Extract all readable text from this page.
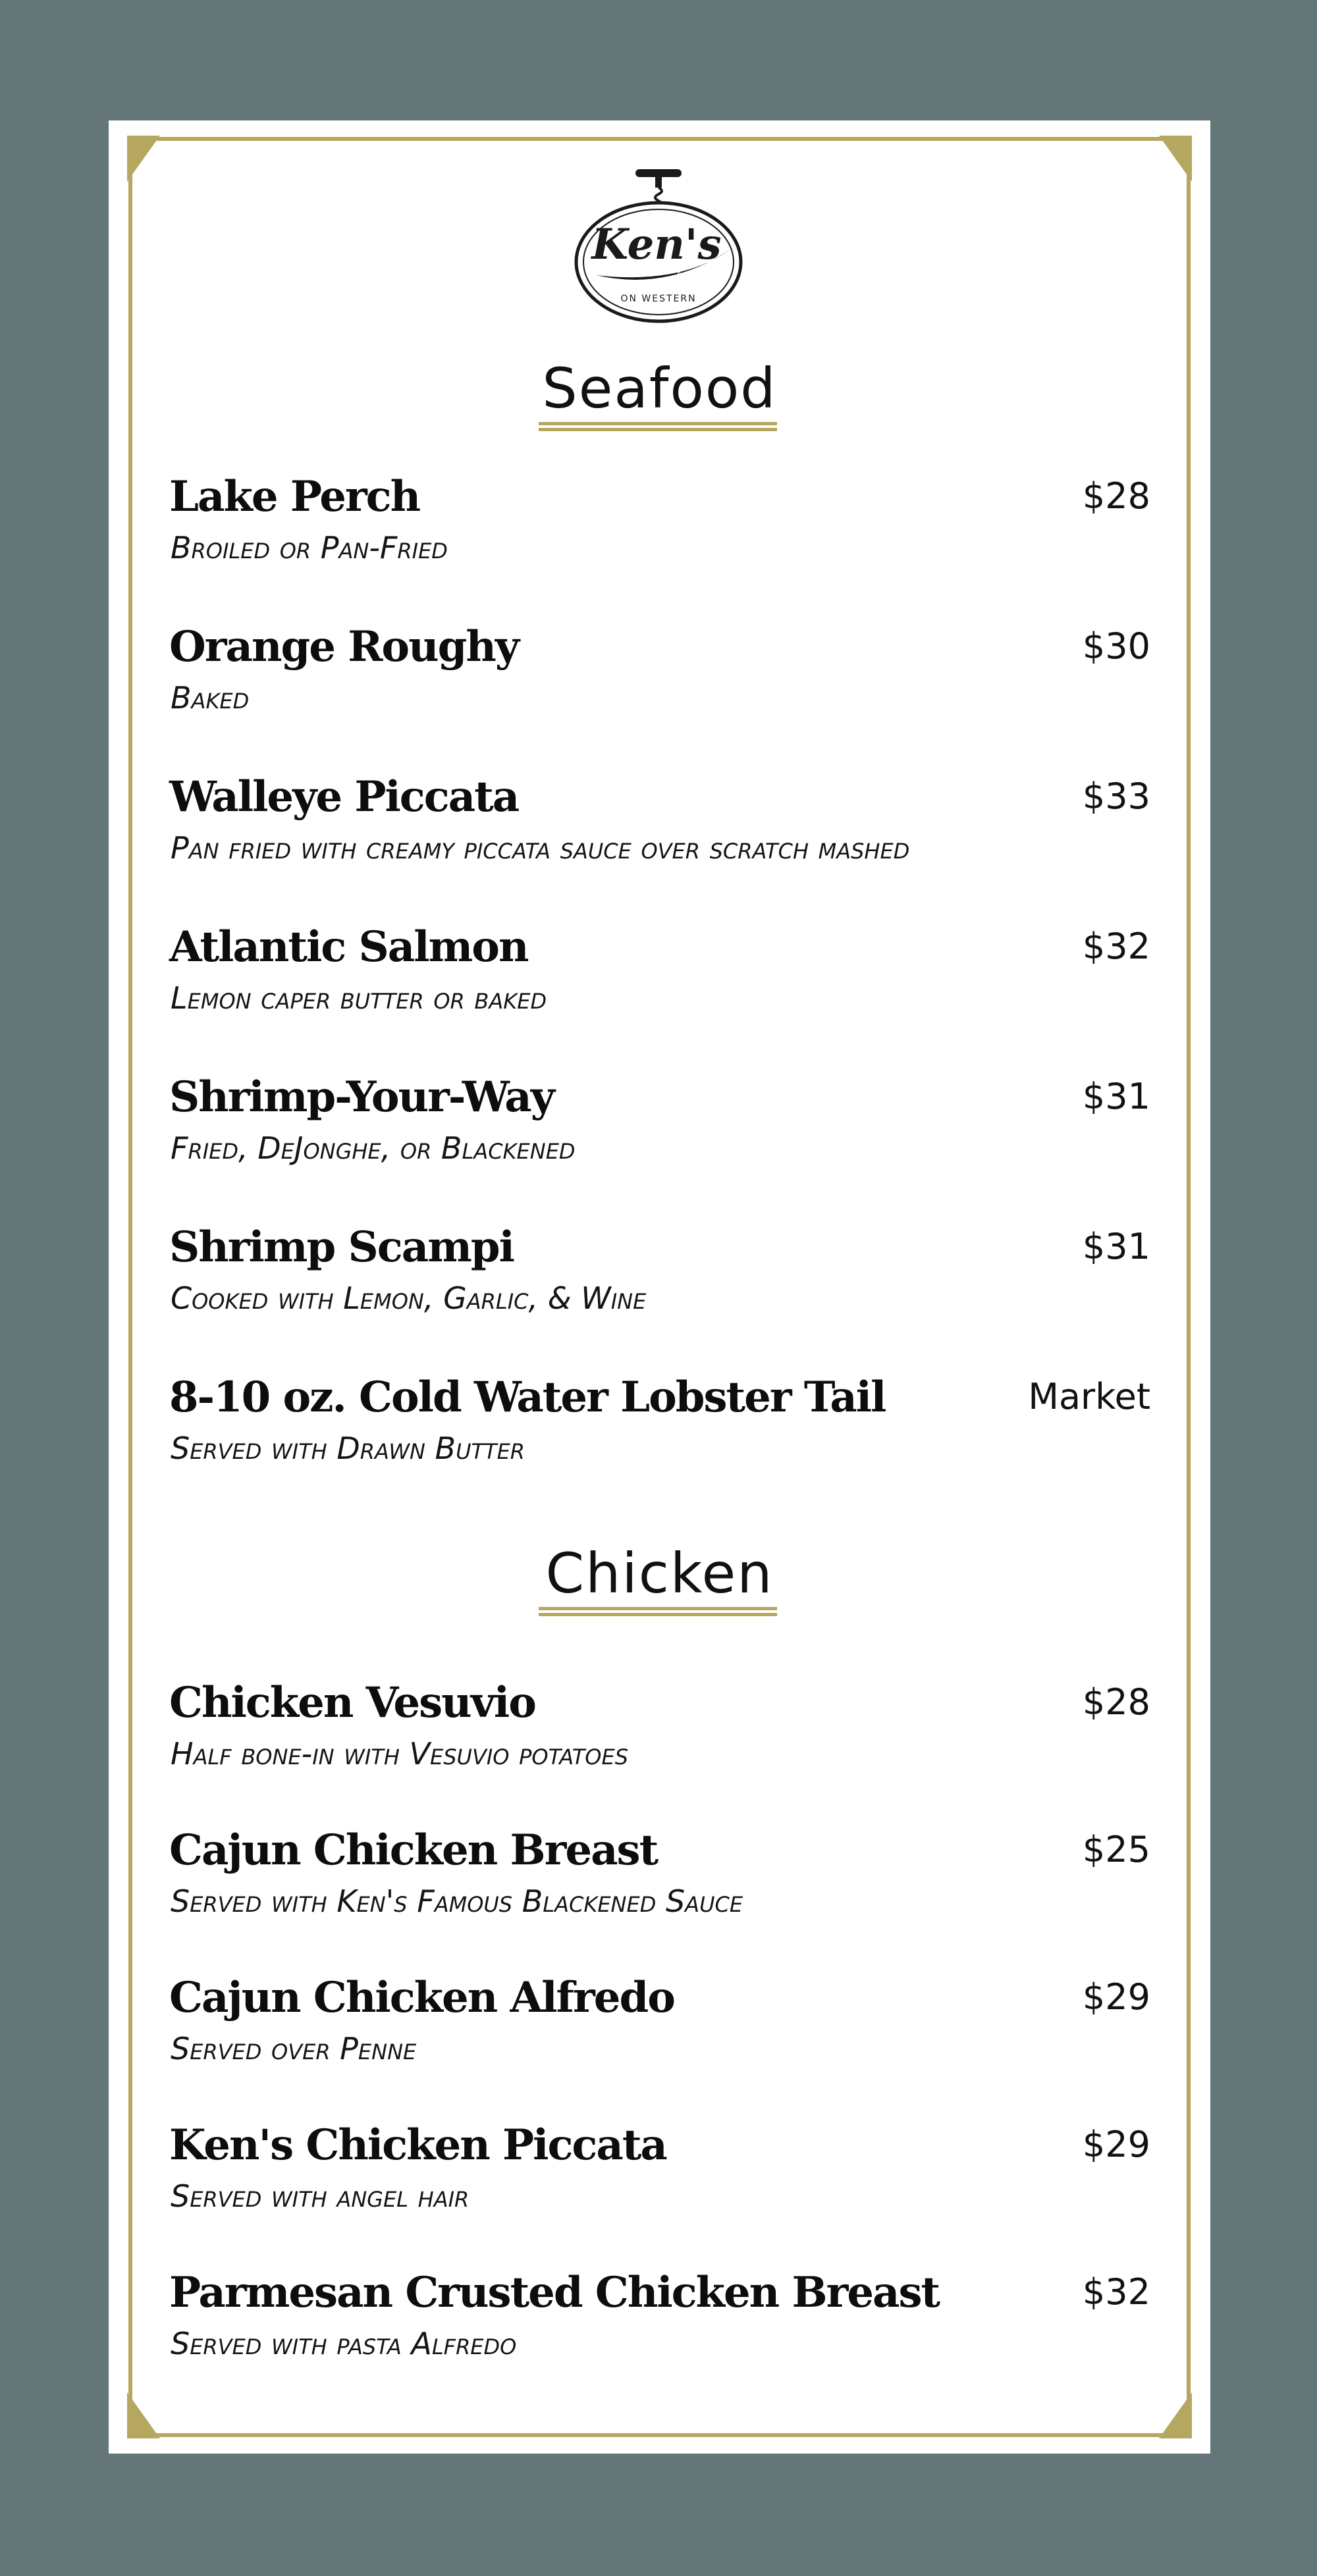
Ken's
Est. 1988
ON WESTERN
Seafood
Lake Perch	$28
Broiled or Pan-Fried
Orange Roughy	$30
Baked
Walleye Piccata	$33
Pan fried with creamy piccata sauce over scratch mashed
Atlantic Salmon	$32
Lemon caper butter or baked
Shrimp-Your-Way	$31
Fried, DeJonghe, or Blackened
Shrimp Scampi	$31
Cooked with Lemon, Garlic, & Wine
8-10 oz. Cold Water Lobster Tail	Market
Served with Drawn Butter
Chicken
Chicken Vesuvio	$28
Half bone-in with Vesuvio potatoes
Cajun Chicken Breast	$25
Served with Ken's Famous Blackened Sauce
Cajun Chicken Alfredo	$29
Served over Penne
Ken's Chicken Piccata	$29
Served with angel hair
Parmesan Crusted Chicken Breast	$32
Served with pasta Alfredo
